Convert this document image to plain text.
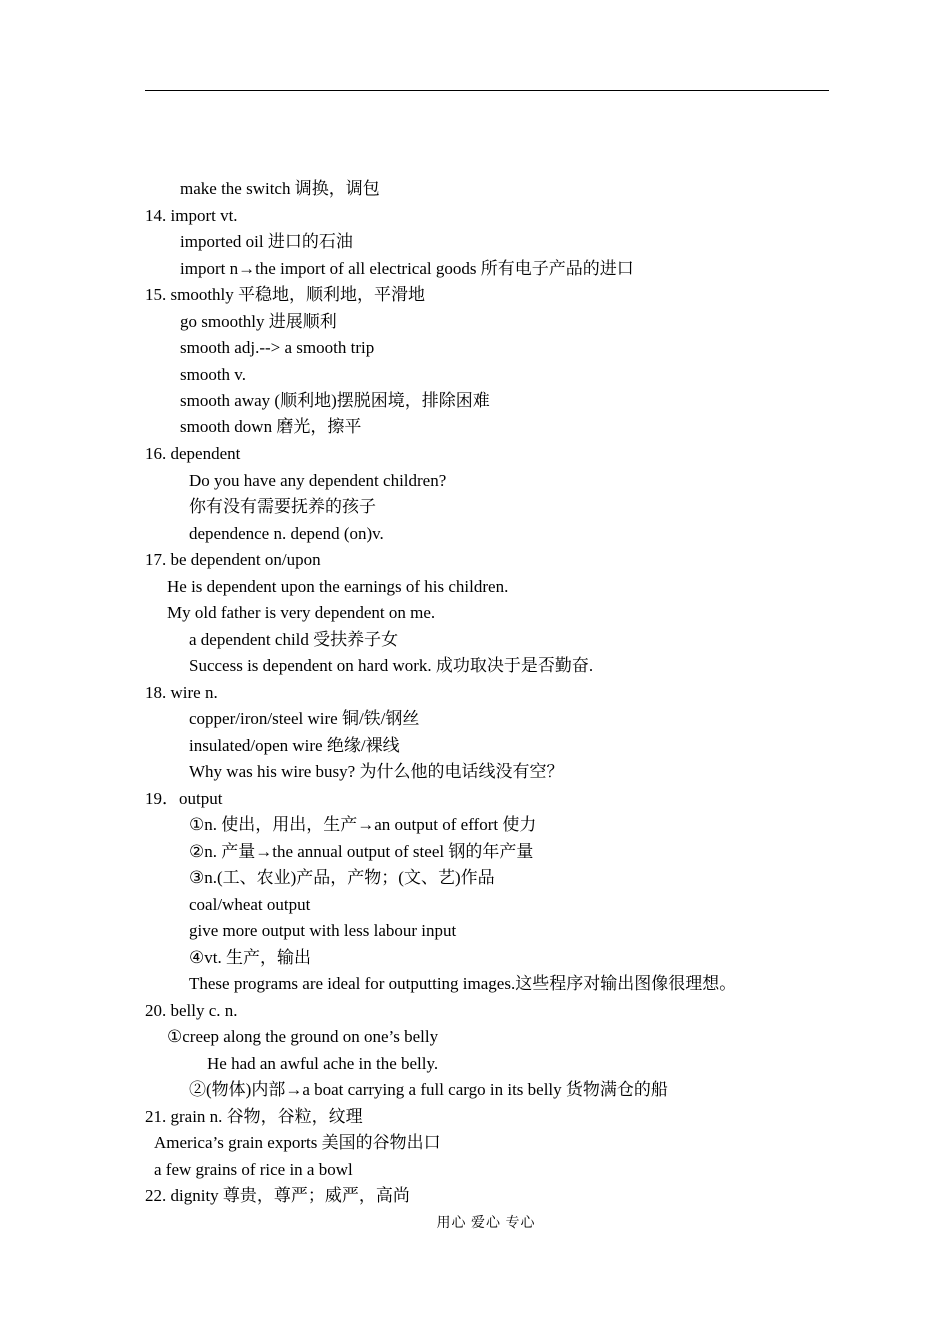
make the switch 调换，调包
14. import vt.
imported oil 进口的石油
import n→the import of all electrical goods 所有电子产品的进口
15. smoothly 平稳地，顺利地，平滑地
go smoothly 进展顺利
smooth adj.--> a smooth trip
smooth v.
smooth away (顺利地)摆脱困境，排除困难
smooth down 磨光，擦平
16. dependent
Do you have any dependent children?
你有没有需要抚养的孩子
dependence n. depend (on)v.
17. be dependent on/upon
He is dependent upon the earnings of his children.
My old father is very dependent on me.
a dependent child 受扶养子女
Success is dependent on hard work. 成功取决于是否勤奋.
18. wire n.
copper/iron/steel wire 铜/铁/钢丝
insulated/open wire 绝缘/裸线
Why was his wire busy? 为什么他的电话线没有空？
19．output
①n. 使出，用出，生产→an output of effort 使力
②n. 产量→the annual output of steel 钢的年产量
③n.(工、农业)产品，产物；(文、艺)作品
coal/wheat output
give more output with less labour input
④vt. 生产，输出
These programs are ideal for outputting images.这些程序对输出图像很理想。
20. belly c. n.
①creep along the ground on one’s belly
He had an awful ache in the belly.
②(物体)内部→a boat carrying a full cargo in its belly 货物满仓的船
21. grain n. 谷物，谷粒，纹理
America’s grain exports 美国的谷物出口
a few grains of rice in a bowl
22. dignity 尊贵，尊严；威严，高尚
用心 爱心 专心
